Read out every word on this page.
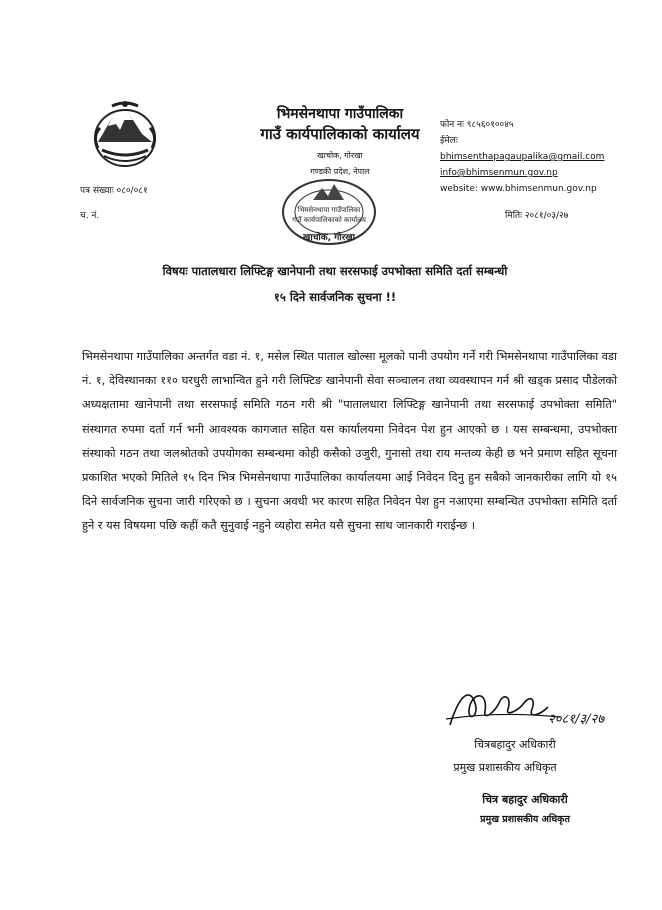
भिमसेनथापा गाउँपालिका
गाउँ कार्यपालिकाको कार्यालय
खाचोक, गोरखा
गण्डकी प्रदेश, नेपाल
फोन नः ९८५६०१००४५
ईमेलः
bhimsenthapagaupalika@gmail.com
info@bhimsenmun.gov.np
website: www.bhimsenmun.gov.np
पत्र संख्याः ०८०/०८१
च. नं.	मितिः २०८१/०३/२७
भिमसेनथापा गाउँपालिका
गाउँ कार्यपालिकाको कार्यालय
खाचोक, गोरखा
विषयः पातालधारा लिफ्टिङ्ग खानेपानी तथा सरसफाई उपभोक्ता समिति दर्ता सम्बन्धी
१५ दिने सार्वजनिक सुचना !!

भिमसेनथापा गाउँपालिका अन्तर्गत वडा नं. १, मसेल स्थित पाताल खोल्सा मूलको पानी उपयोग गर्ने गरी भिमसेनथापा गाउँपालिका वडा नं. १, देविस्थानका ११० घरधुरी लाभान्वित हुने गरी लिफ्टिङ खानेपानी सेवा सञ्चालन तथा व्यवस्थापन गर्न श्री खड्क प्रसाद पौडेलको अध्यक्षतामा खानेपानी तथा सरसफाई समिति गठन गरी श्री "पातालधारा लिफ्टिङ्ग खानेपानी तथा सरसफाई उपभोक्ता समिति" संस्थागत रुपमा दर्ता गर्न भनी आवश्यक कागजात सहित यस कार्यालयमा निवेदन पेश हुन आएको छ । यस सम्बन्धमा, उपभोक्ता संस्थाको गठन तथा जलश्रोतको उपयोगका सम्बन्धमा कोही कसैको उजुरी, गुनासो तथा राय मन्तव्य केही छ भने प्रमाण सहित सूचना प्रकाशित भएको मितिले १५ दिन भित्र भिमसेनथापा गाउँपालिका कार्यालयमा आई निवेदन दिनु हुन सबैको जानकारीका लागि यो १५ दिने सार्वजनिक सुचना जारी गरिएको छ । सुचना अवधी भर कारण सहित निवेदन पेश हुन नआएमा सम्बन्धित उपभोक्ता समिति दर्ता हुने र यस विषयमा पछि कहीं कतै सुनुवाई नहुने व्यहोरा समेत यसै सुचना साथ जानकारी गराईन्छ ।

२०८१/३/२७
चित्रबहादुर अधिकारी
प्रमुख प्रशासकीय अधिकृत
चित्र बहादुर अधिकारी
प्रमुख प्रशासकीय अधिकृत
